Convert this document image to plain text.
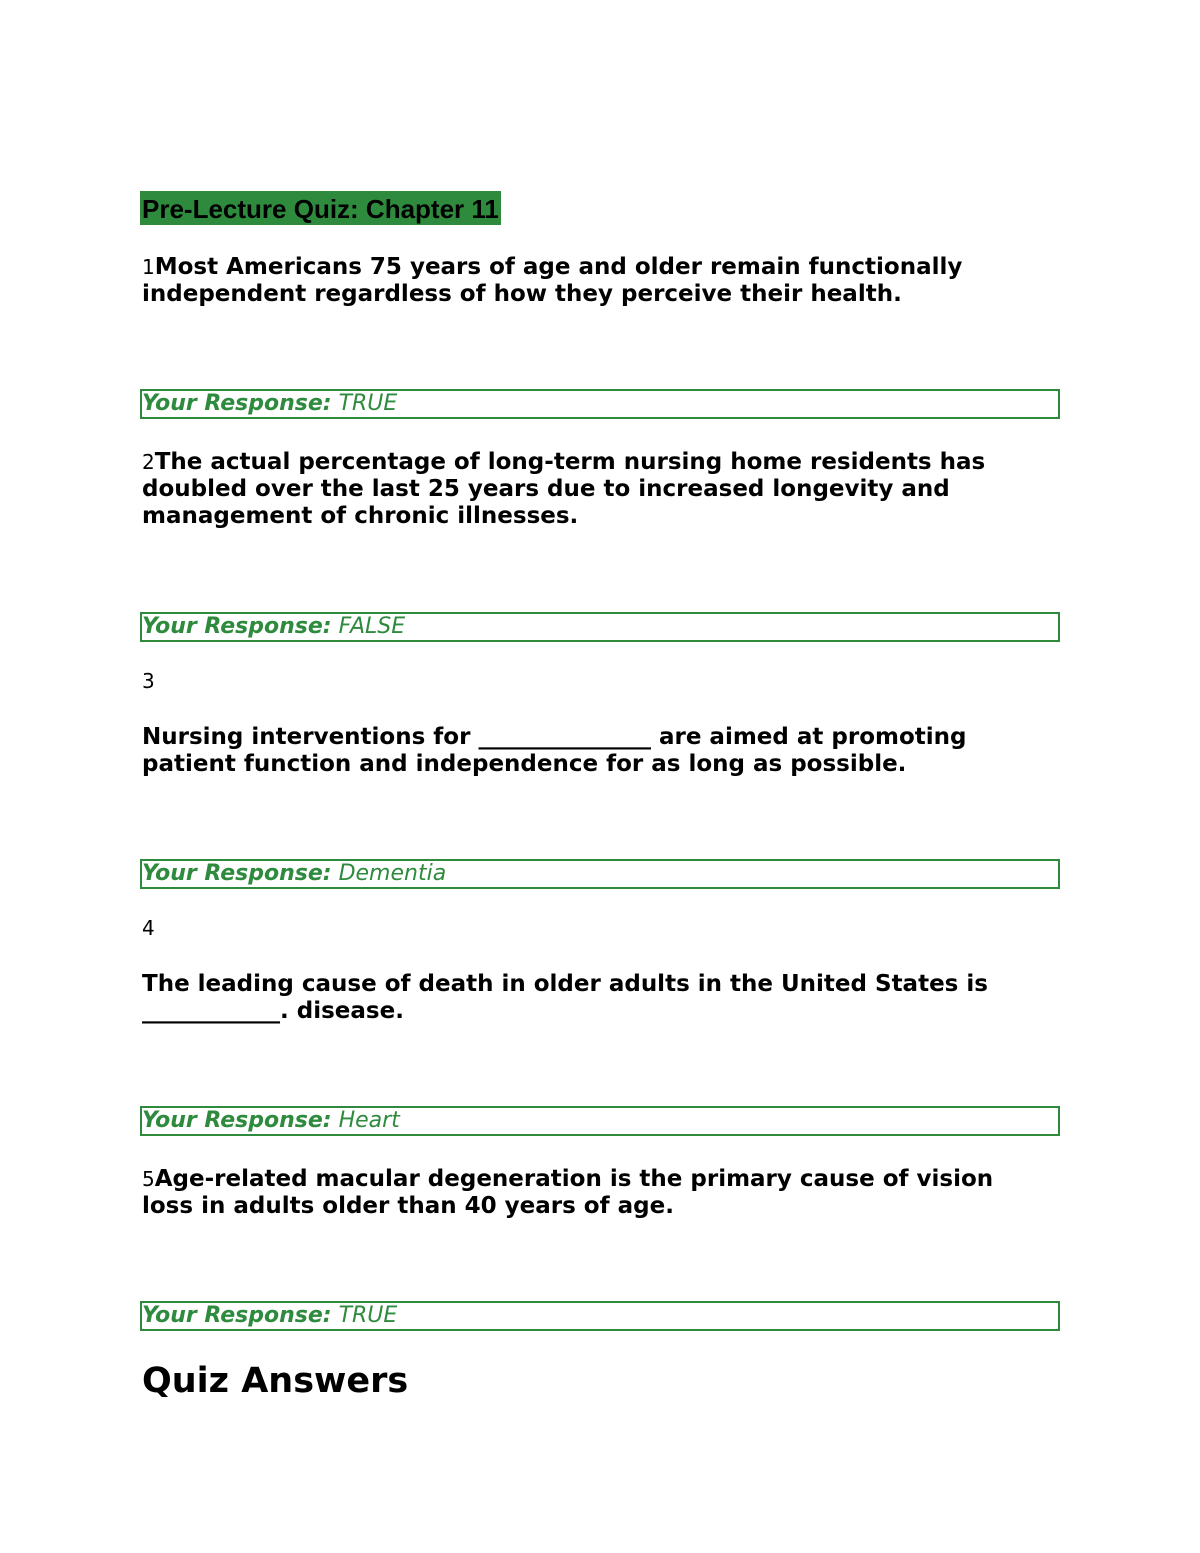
Pre-Lecture Quiz: Chapter 11
1Most Americans 75 years of age and older remain functionally independent regardless of how they perceive their health.
Your Response: TRUE
2The actual percentage of long-term nursing home residents has doubled over the last 25 years due to increased longevity and management of chronic illnesses.
Your Response: FALSE
3
Nursing interventions for _______________ are aimed at promoting patient function and independence for as long as possible.
Your Response: Dementia
4
The leading cause of death in older adults in the United States is ____________. disease.
Your Response: Heart
5Age-related macular degeneration is the primary cause of vision loss in adults older than 40 years of age.
Your Response: TRUE
Quiz Answers
